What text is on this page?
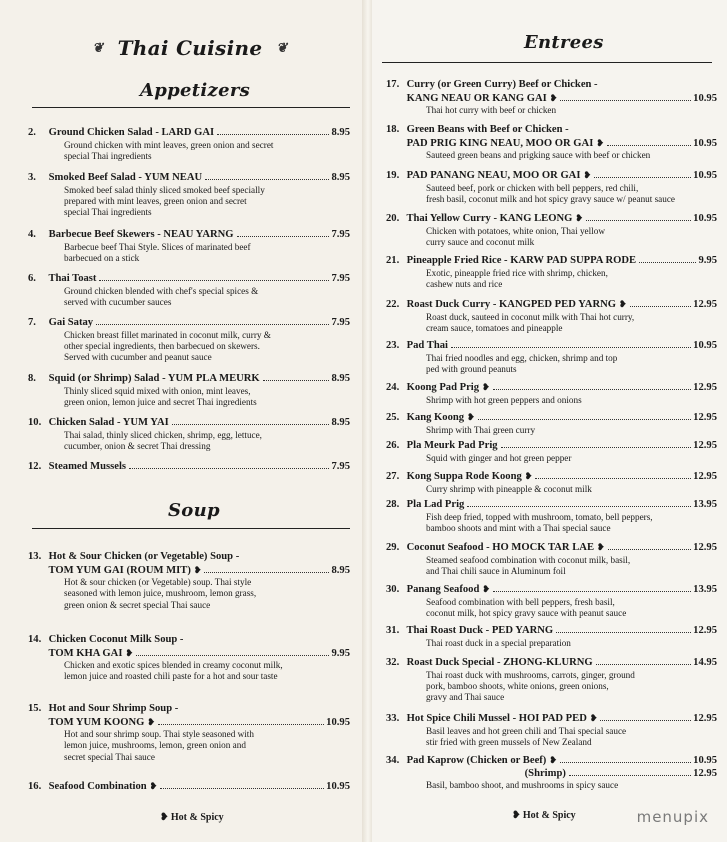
❦ Thai Cuisine ❦
Appetizers
2. Ground Chicken Salad - LARD GAI	8.95
Ground chicken with mint leaves, green onion and secret
special Thai ingredients
3. Smoked Beef Salad - YUM NEAU	8.95
Smoked beef salad thinly sliced smoked beef specially
prepared with mint leaves, green onion and secret
special Thai ingredients
4. Barbecue Beef Skewers - NEAU YARNG	7.95
Barbecue beef Thai Style. Slices of marinated beef
barbecued on a stick
6. Thai Toast	7.95
Ground chicken blended with chef's special spices &
served with cucumber sauces
7. Gai Satay	7.95
Chicken breast fillet marinated in coconut milk, curry &
other special ingredients, then barbecued on skewers.
Served with cucumber and peanut sauce
8. Squid (or Shrimp) Salad - YUM PLA MEURK	8.95
Thinly sliced squid mixed with onion, mint leaves,
green onion, lemon juice and secret Thai ingredients
10. Chicken Salad - YUM YAI	8.95
Thai salad, thinly sliced chicken, shrimp, egg, lettuce,
cucumber, onion & secret Thai dressing
12. Steamed Mussels	7.95
Soup
13. Hot & Sour Chicken (or Vegetable) Soup -
TOM YUM GAI (ROUM MIT) ❥	8.95
Hot & sour chicken (or Vegetable) soup. Thai style
seasoned with lemon juice, mushroom, lemon grass,
green onion & secret special Thai sauce
14. Chicken Coconut Milk Soup -
TOM KHA GAI ❥	9.95
Chicken and exotic spices blended in creamy coconut milk,
lemon juice and roasted chili paste for a hot and sour taste
15. Hot and Sour Shrimp Soup -
TOM YUM KOONG ❥	10.95
Hot and sour shrimp soup. Thai style seasoned with
lemon juice, mushrooms, lemon, green onion and
secret special Thai sauce
16. Seafood Combination ❥	10.95
❥ Hot & Spicy
Entrees
17. Curry (or Green Curry) Beef or Chicken -
KANG NEAU OR KANG GAI ❥	10.95
Thai hot curry with beef or chicken
18. Green Beans with Beef or Chicken -
PAD PRIG KING NEAU, MOO OR GAI ❥	10.95
Sauteed green beans and prigking sauce with beef or chicken
19. PAD PANANG NEAU, MOO OR GAI ❥	10.95
Sauteed beef, pork or chicken with bell peppers, red chili,
fresh basil, coconut milk and hot spicy gravy sauce w/ peanut sauce
20. Thai Yellow Curry - KANG LEONG ❥	10.95
Chicken with potatoes, white onion, Thai yellow
curry sauce and coconut milk
21. Pineapple Fried Rice - KARW PAD SUPPA RODE	9.95
Exotic, pineapple fried rice with shrimp, chicken,
cashew nuts and rice
22. Roast Duck Curry - KANGPED PED YARNG ❥	12.95
Roast duck, sauteed in coconut milk with Thai hot curry,
cream sauce, tomatoes and pineapple
23. Pad Thai	10.95
Thai fried noodles and egg, chicken, shrimp and top
ped with ground peanuts
24. Koong Pad Prig ❥	12.95
Shrimp with hot green peppers and onions
25. Kang Koong ❥	12.95
Shrimp with Thai green curry
26. Pla Meurk Pad Prig	12.95
Squid with ginger and hot green pepper
27. Kong Suppa Rode Koong ❥	12.95
Curry shrimp with pineapple & coconut milk
28. Pla Lad Prig	13.95
Fish deep fried, topped with mushroom, tomato, bell peppers,
bamboo shoots and mint with a Thai special sauce
29. Coconut Seafood - HO MOCK TAR LAE ❥	12.95
Steamed seafood combination with coconut milk, basil,
and Thai chili sauce in Aluminum foil
30. Panang Seafood ❥	13.95
Seafood combination with bell peppers, fresh basil,
coconut milk, hot spicy gravy sauce with peanut sauce
31. Thai Roast Duck - PED YARNG	12.95
Thai roast duck in a special preparation
32. Roast Duck Special - ZHONG-KLURNG	14.95
Thai roast duck with mushrooms, carrots, ginger, ground
pork, bamboo shoots, white onions, green onions,
gravy and Thai sauce
33. Hot Spice Chili Mussel - HOI PAD PED ❥	12.95
Basil leaves and hot green chili and Thai special sauce
stir fried with green mussels of New Zealand
34. Pad Kaprow (Chicken or Beef) ❥	10.95
(Shrimp)	12.95
Basil, bamboo shoot, and mushrooms in spicy sauce
❥ Hot & Spicy	menupix
